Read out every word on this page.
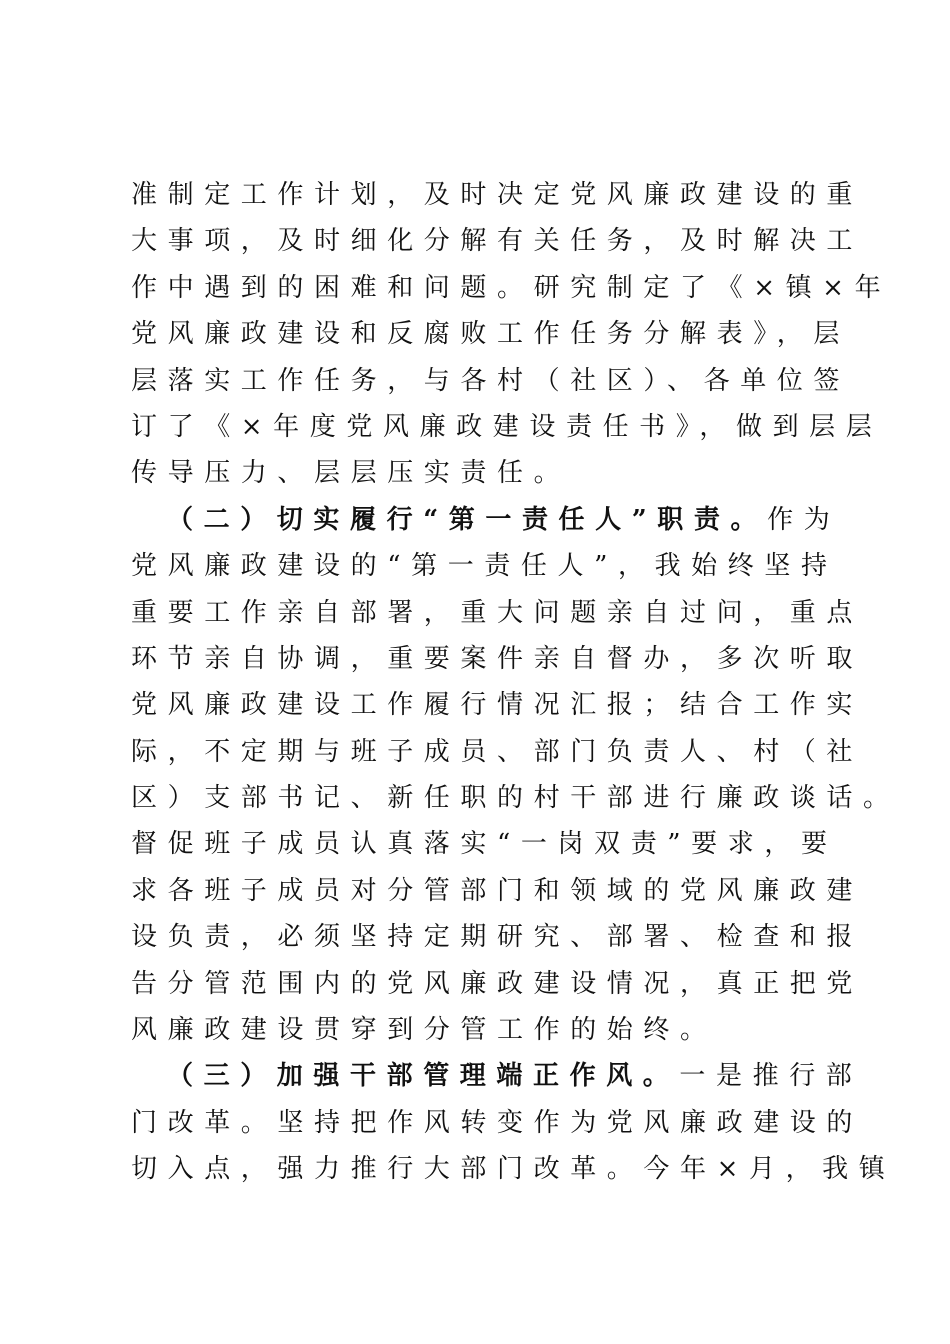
准制定工作计划，及时决定党风廉政建设的重
大事项，及时细化分解有关任务，及时解决工
作中遇到的困难和问题。研究制定了《×镇×年
党风廉政建设和反腐败工作任务分解表》，层
层落实工作任务，与各村（社区）、各单位签
订了《×年度党风廉政建设责任书》，做到层层
传导压力、层层压实责任。
（二）切实履行“第一责任人”职责。作为
党风廉政建设的“第一责任人”，我始终坚持
重要工作亲自部署，重大问题亲自过问，重点
环节亲自协调，重要案件亲自督办，多次听取
党风廉政建设工作履行情况汇报；结合工作实
际，不定期与班子成员、部门负责人、村（社
区）支部书记、新任职的村干部进行廉政谈话。
督促班子成员认真落实“一岗双责”要求，要
求各班子成员对分管部门和领域的党风廉政建
设负责，必须坚持定期研究、部署、检查和报
告分管范围内的党风廉政建设情况，真正把党
风廉政建设贯穿到分管工作的始终。
（三）加强干部管理端正作风。一是推行部
门改革。坚持把作风转变作为党风廉政建设的
切入点，强力推行大部门改革。今年×月，我镇
